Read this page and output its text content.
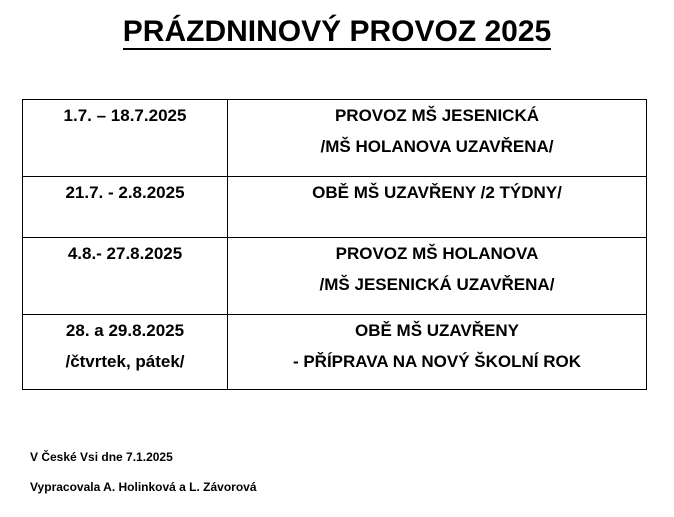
PRÁZDNINOVÝ PROVOZ 2025
1.7. – 18.7.2025	PROVOZ MŠ JESENICKÁ
/MŠ HOLANOVA UZAVŘENA/

21.7. - 2.8.2025	OBĚ MŠ UZAVŘENY /2 TÝDNY/

4.8.- 27.8.2025	PROVOZ MŠ HOLANOVA
/MŠ JESENICKÁ UZAVŘENA/

28. a 29.8.2025
/čtvrtek, pátek/	OBĚ MŠ UZAVŘENY
- PŘÍPRAVA NA NOVÝ ŠKOLNÍ ROK
V České Vsi dne 7.1.2025
Vypracovala A. Holinková a L. Závorová
